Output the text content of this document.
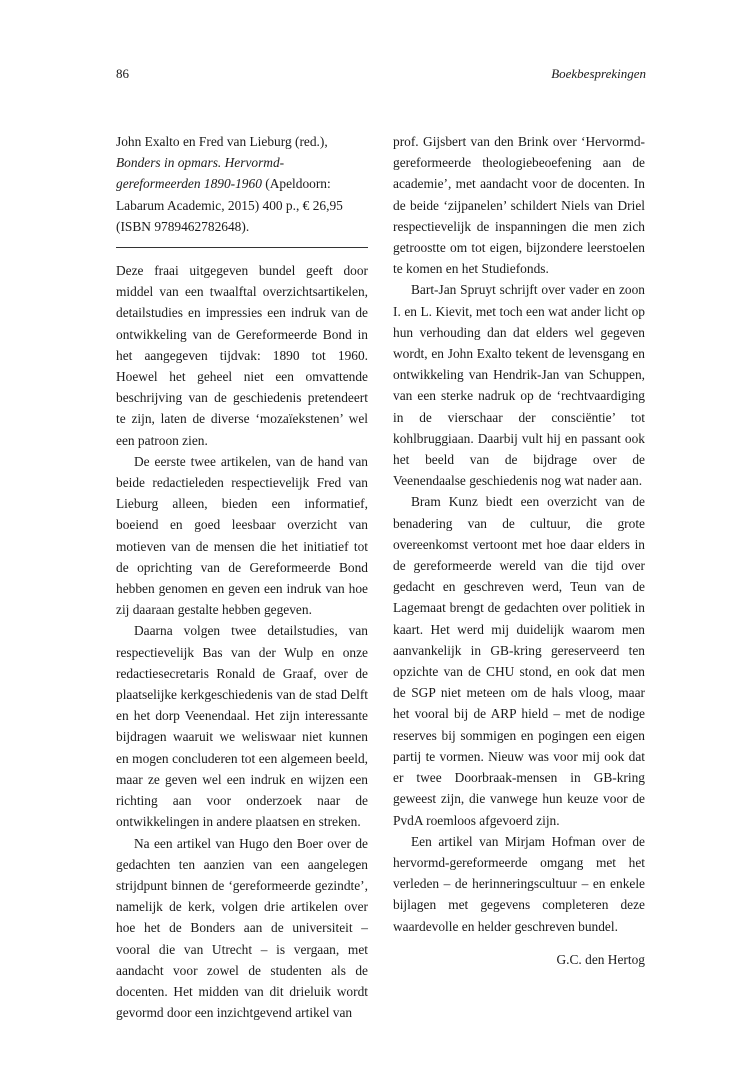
86	Boekbesprekingen

John Exalto en Fred van Lieburg (red.), Bonders in opmars. Hervormd-gereformeerden 1890-1960 (Apeldoorn: Labarum Academic, 2015) 400 p., € 26,95 (ISBN 9789462782648).

Deze fraai uitgegeven bundel geeft door middel van een twaalftal overzichtsartikelen, detailstudies en impressies een indruk van de ontwikkeling van de Gereformeerde Bond in het aangegeven tijdvak: 1890 tot 1960. Hoewel het geheel niet een omvattende beschrijving van de geschiedenis pretendeert te zijn, laten de diverse ‘mozaïekstenen’ wel een patroon zien.

De eerste twee artikelen, van de hand van beide redactieleden respectievelijk Fred van Lieburg alleen, bieden een informatief, boeiend en goed leesbaar overzicht van motieven van de mensen die het initiatief tot de oprichting van de Gereformeerde Bond hebben genomen en geven een indruk van hoe zij daaraan gestalte hebben gegeven.

Daarna volgen twee detailstudies, van respectievelijk Bas van der Wulp en onze redactiesecretaris Ronald de Graaf, over de plaatselijke kerkgeschiedenis van de stad Delft en het dorp Veenendaal. Het zijn interessante bijdragen waaruit we weliswaar niet kunnen en mogen concluderen tot een algemeen beeld, maar ze geven wel een indruk en wijzen een richting aan voor onderzoek naar de ontwikkelingen in andere plaatsen en streken.

Na een artikel van Hugo den Boer over de gedachten ten aanzien van een aangelegen strijdpunt binnen de ‘gereformeerde gezindte’, namelijk de kerk, volgen drie artikelen over hoe het de Bonders aan de universiteit – vooral die van Utrecht – is vergaan, met aandacht voor zowel de studenten als de docenten. Het midden van dit drieluik wordt gevormd door een inzichtgevend artikel van

prof. Gijsbert van den Brink over ‘Hervormd-gereformeerde theologiebeoefening aan de academie’, met aandacht voor de docenten. In de beide ‘zijpanelen’ schildert Niels van Driel respectievelijk de inspanningen die men zich getroostte om tot eigen, bijzondere leerstoelen te komen en het Studiefonds.

Bart-Jan Spruyt schrijft over vader en zoon I. en L. Kievit, met toch een wat ander licht op hun verhouding dan dat elders wel gegeven wordt, en John Exalto tekent de levensgang en ontwikkeling van Hendrik-Jan van Schuppen, van een sterke nadruk op de ‘rechtvaardiging in de vierschaar der consciëntie’ tot kohlbruggiaan. Daarbij vult hij en passant ook het beeld van de bijdrage over de Veenendaalse geschiedenis nog wat nader aan.

Bram Kunz biedt een overzicht van de benadering van de cultuur, die grote overeenkomst vertoont met hoe daar elders in de gereformeerde wereld van die tijd over gedacht en geschreven werd, Teun van de Lagemaat brengt de gedachten over politiek in kaart. Het werd mij duidelijk waarom men aanvankelijk in GB-kring gereserveerd ten opzichte van de CHU stond, en ook dat men de SGP niet meteen om de hals vloog, maar het vooral bij de ARP hield – met de nodige reserves bij sommigen en pogingen een eigen partij te vormen. Nieuw was voor mij ook dat er twee Doorbraak-mensen in GB-kring geweest zijn, die vanwege hun keuze voor de PvdA roemloos afgevoerd zijn.

Een artikel van Mirjam Hofman over de hervormd-gereformeerde omgang met het verleden – de herinneringscultuur – en enkele bijlagen met gegevens completeren deze waardevolle en helder geschreven bundel.

G.C. den Hertog
